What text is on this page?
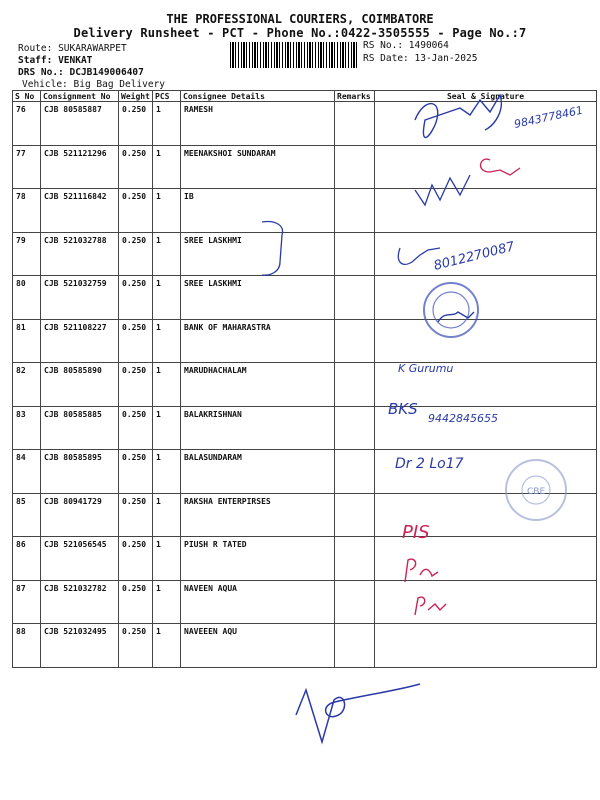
THE PROFESSIONAL COURIERS, COIMBATORE
Delivery Runsheet - PCT - Phone No.:0422-3505555 - Page No.:7
Route: SUKARAWARPET
Staff: VENKAT
DRS No.: DCJB149006407
Vehicle: Big Bag Delivery
RS No.: 1490064
RS Date: 13-Jan-2025
S No	Consignment No	Weight	PCS	Consignee Details	Remarks	Seal & Signature
76	CJB 80585887	0.250	1	RAMESH		
77	CJB 521121296	0.250	1	MEENAKSHOI SUNDARAM		
78	CJB 521116842	0.250	1	IB		
79	CJB 521032788	0.250	1	SREE LASKHMI		
80	CJB 521032759	0.250	1	SREE LASKHMI		
81	CJB 521108227	0.250	1	BANK OF MAHARASTRA		
82	CJB 80585890	0.250	1	MARUDHACHALAM		
83	CJB 80585885	0.250	1	BALAKRISHNAN		
84	CJB 80585895	0.250	1	BALASUNDARAM		
85	CJB 80941729	0.250	1	RAKSHA ENTERPIRSES		
86	CJB 521056545	0.250	1	PIUSH R TATED		
87	CJB 521032782	0.250	1	NAVEEN AQUA		
88	CJB 521032495	0.250	1	NAVEEEN AQU		
9843778461
8012270087
K Gurumu
BKS
9442845655
Dr 2 Lo17
CBE
PIS
